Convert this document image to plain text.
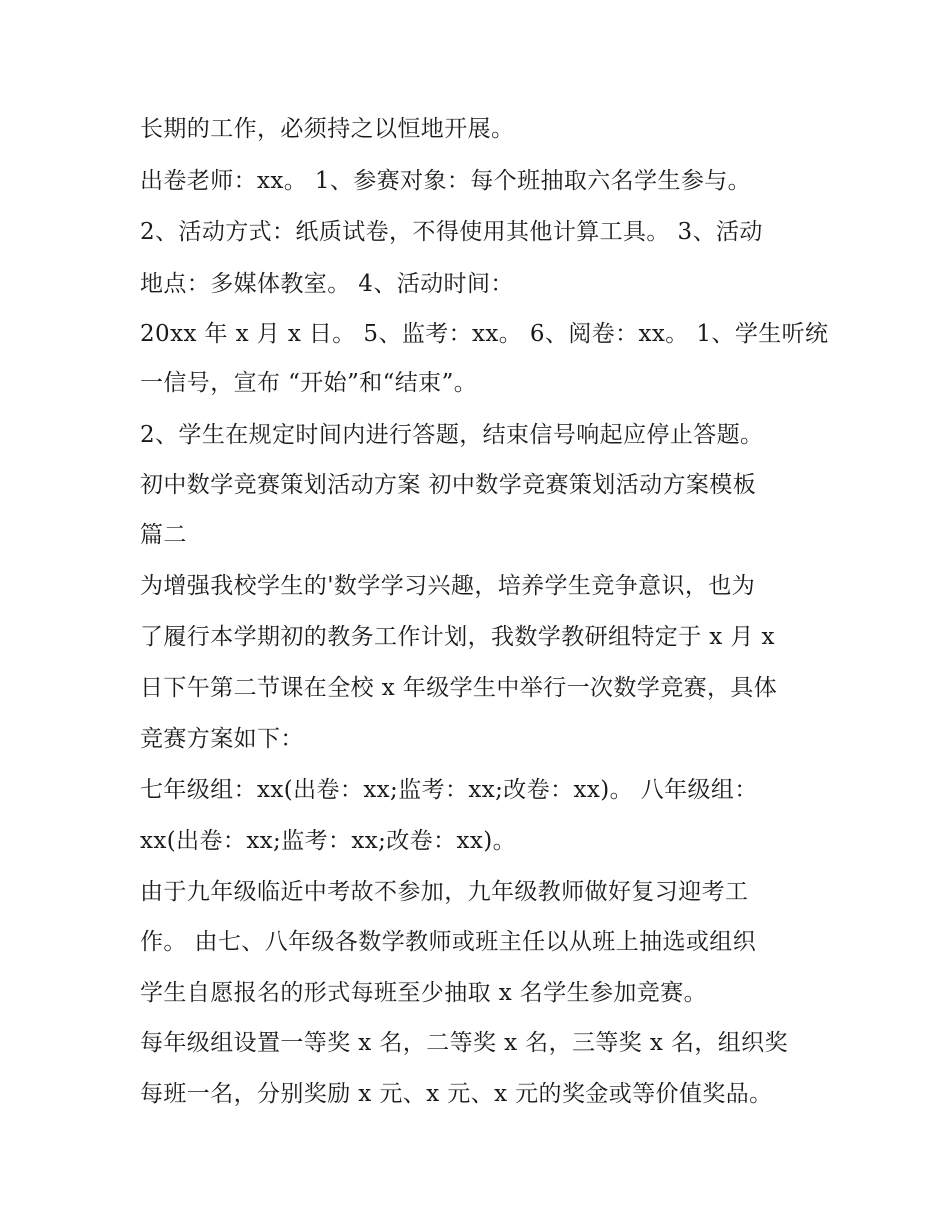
长期的工作，必须持之以恒地开展。
出卷老师：xx。 1、参赛对象：每个班抽取六名学生参与。
2、活动方式：纸质试卷，不得使用其他计算工具。 3、活动
地点：多媒体教室。 4、活动时间：
20xx 年 x 月 x 日。 5、监考：xx。 6、阅卷：xx。 1、学生听统
一信号，宣布 “开始”和“结束”。
2、学生在规定时间内进行答题，结束信号响起应停止答题。
初中数学竞赛策划活动方案 初中数学竞赛策划活动方案模板
篇二
为增强我校学生的'数学学习兴趣，培养学生竞争意识，也为
了履行本学期初的教务工作计划，我数学教研组特定于 x 月 x
日下午第二节课在全校 x 年级学生中举行一次数学竞赛，具体
竞赛方案如下：
七年级组：xx(出卷：xx;监考：xx;改卷：xx)。 八年级组：
xx(出卷：xx;监考：xx;改卷：xx)。
由于九年级临近中考故不参加，九年级教师做好复习迎考工
作。 由七、八年级各数学教师或班主任以从班上抽选或组织
学生自愿报名的形式每班至少抽取 x 名学生参加竞赛。
每年级组设置一等奖 x 名，二等奖 x 名，三等奖 x 名，组织奖
每班一名，分别奖励 x 元、x 元、x 元的奖金或等价值奖品。
